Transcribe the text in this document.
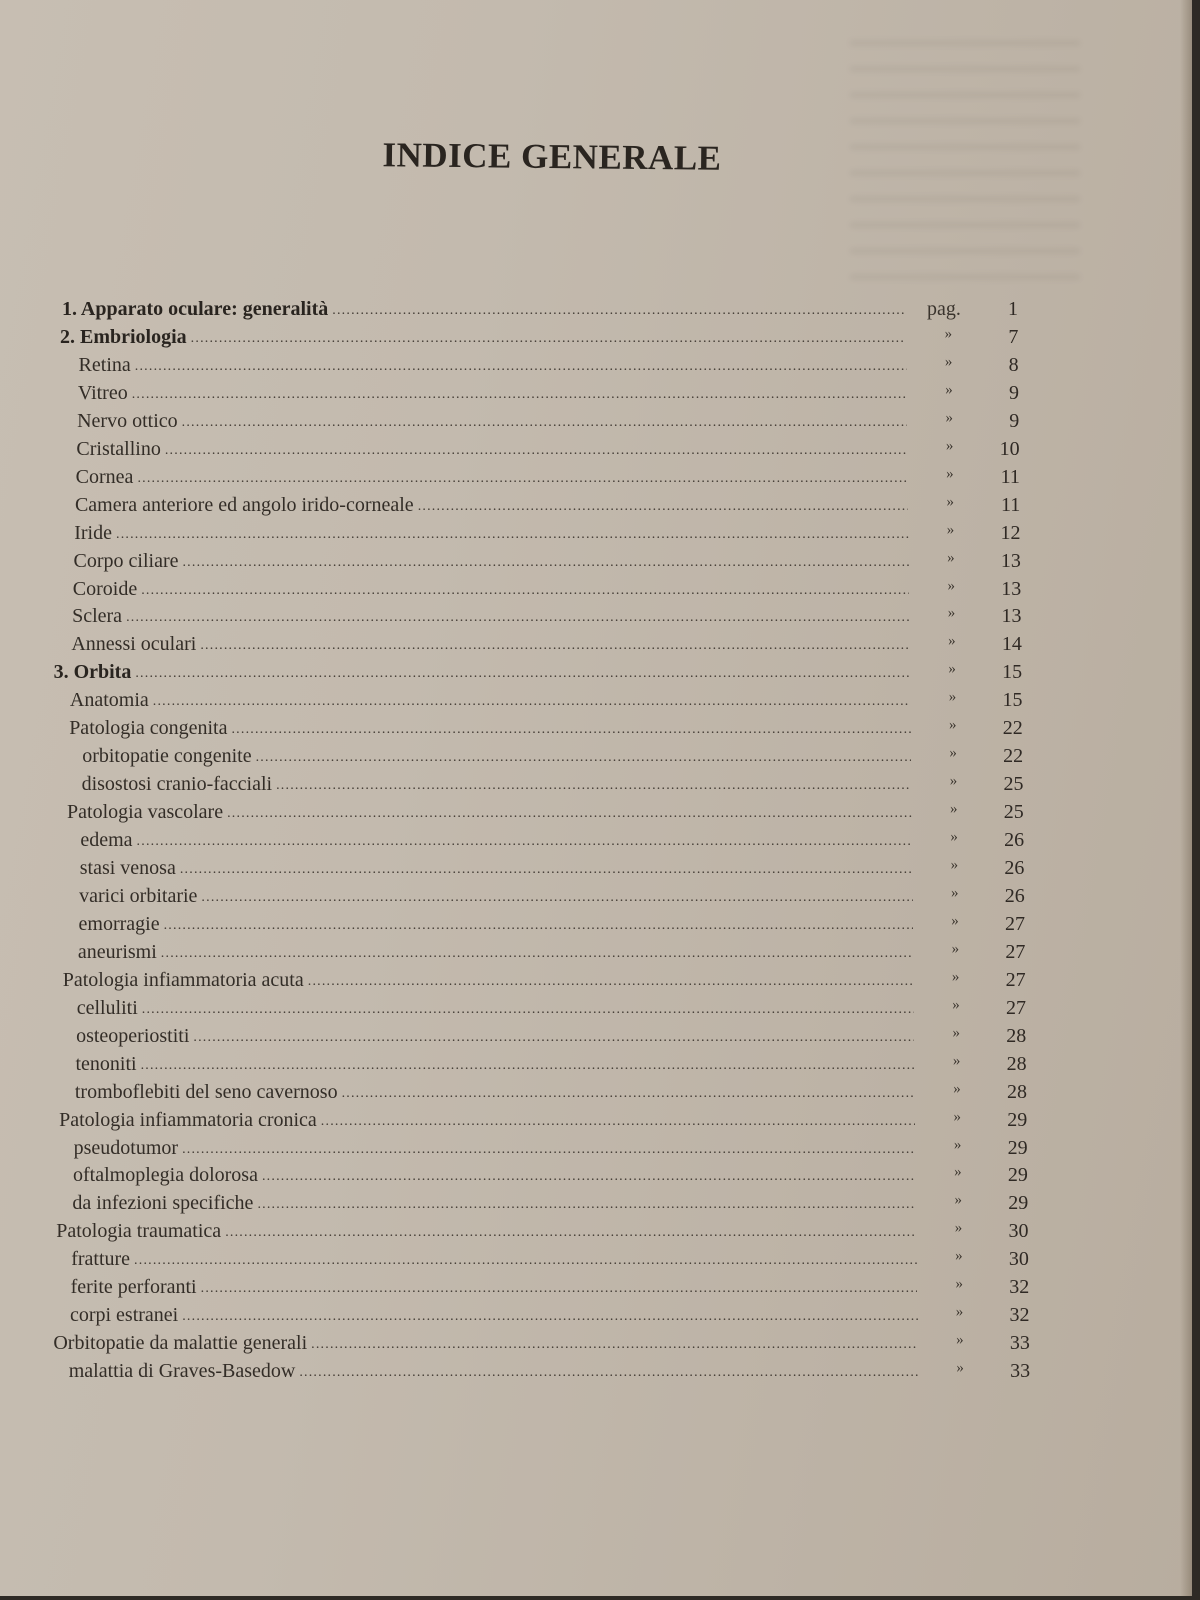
INDICE GENERALE
1. Apparato oculare: generalità .....	pag.	1
2. Embriologia .....	»	7
Retina .....	»	8
Vitreo .....	»	9
Nervo ottico .....	»	9
Cristallino .....	»	10
Cornea .....	»	11
Camera anteriore ed angolo irido-corneale .....	»	11
Iride .....	»	12
Corpo ciliare .....	»	13
Coroide .....	»	13
Sclera .....	»	13
Annessi oculari .....	»	14
3. Orbita .....	»	15
Anatomia .....	»	15
Patologia congenita .....	»	22
orbitopatie congenite .....	»	22
disostosi cranio-facciali .....	»	25
Patologia vascolare .....	»	25
edema .....	»	26
stasi venosa .....	»	26
varici orbitarie .....	»	26
emorragie .....	»	27
aneurismi .....	»	27
Patologia infiammatoria acuta .....	»	27
celluliti .....	»	27
osteoperiostiti .....	»	28
tenoniti .....	»	28
tromboflebiti del seno cavernoso .....	»	28
Patologia infiammatoria cronica .....	»	29
pseudotumor .....	»	29
oftalmoplegia dolorosa .....	»	29
da infezioni specifiche .....	»	29
Patologia traumatica .....	»	30
fratture .....	»	30
ferite perforanti .....	»	32
corpi estranei .....	»	32
Orbitopatie da malattie generali .....	»	33
malattia di Graves-Basedow .....	»	33
